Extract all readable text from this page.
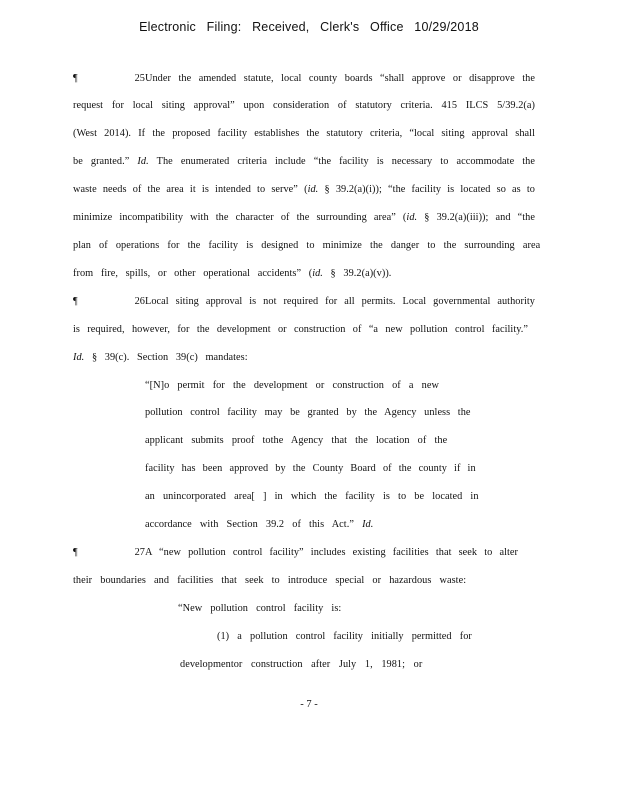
Electronic Filing: Received, Clerk's Office 10/29/2018
¶ 25Under the amended statute, local county boards “shall approve or disapprove the
request for local siting approval” upon consideration of statutory criteria. 415 ILCS 5/39.2(a)
(West 2014). If the proposed facility establishes the statutory criteria, “local siting approval shall
be granted.” Id. The enumerated criteria include “the facility is necessary to accommodate the
waste needs of the area it is intended to serve” (id. § 39.2(a)(i)); “the facility is located so as to
minimize incompatibility with the character of the surrounding area” (id. § 39.2(a)(iii)); and “the
plan of operations for the facility is designed to minimize the danger to the surrounding area
from fire, spills, or other operational accidents” (id. § 39.2(a)(v)).
¶ 26Local siting approval is not required for all permits. Local governmental authority
is required, however, for the development or construction of “a new pollution control facility.”
Id. § 39(c). Section 39(c) mandates:
“[N]o permit for the development or construction of a new
pollution control facility may be granted by the Agency unless the
applicant submits proof tothe Agency that the location of the
facility has been approved by the County Board of the county if in
an unincorporated area[ ] in which the facility is to be located in
accordance with Section 39.2 of this Act.” Id.
¶ 27A “new pollution control facility” includes existing facilities that seek to alter
their boundaries and facilities that seek to introduce special or hazardous waste:
“New pollution control facility is:
(1) a pollution control facility initially permitted for
developmentor construction after July 1, 1981; or
- 7 -
